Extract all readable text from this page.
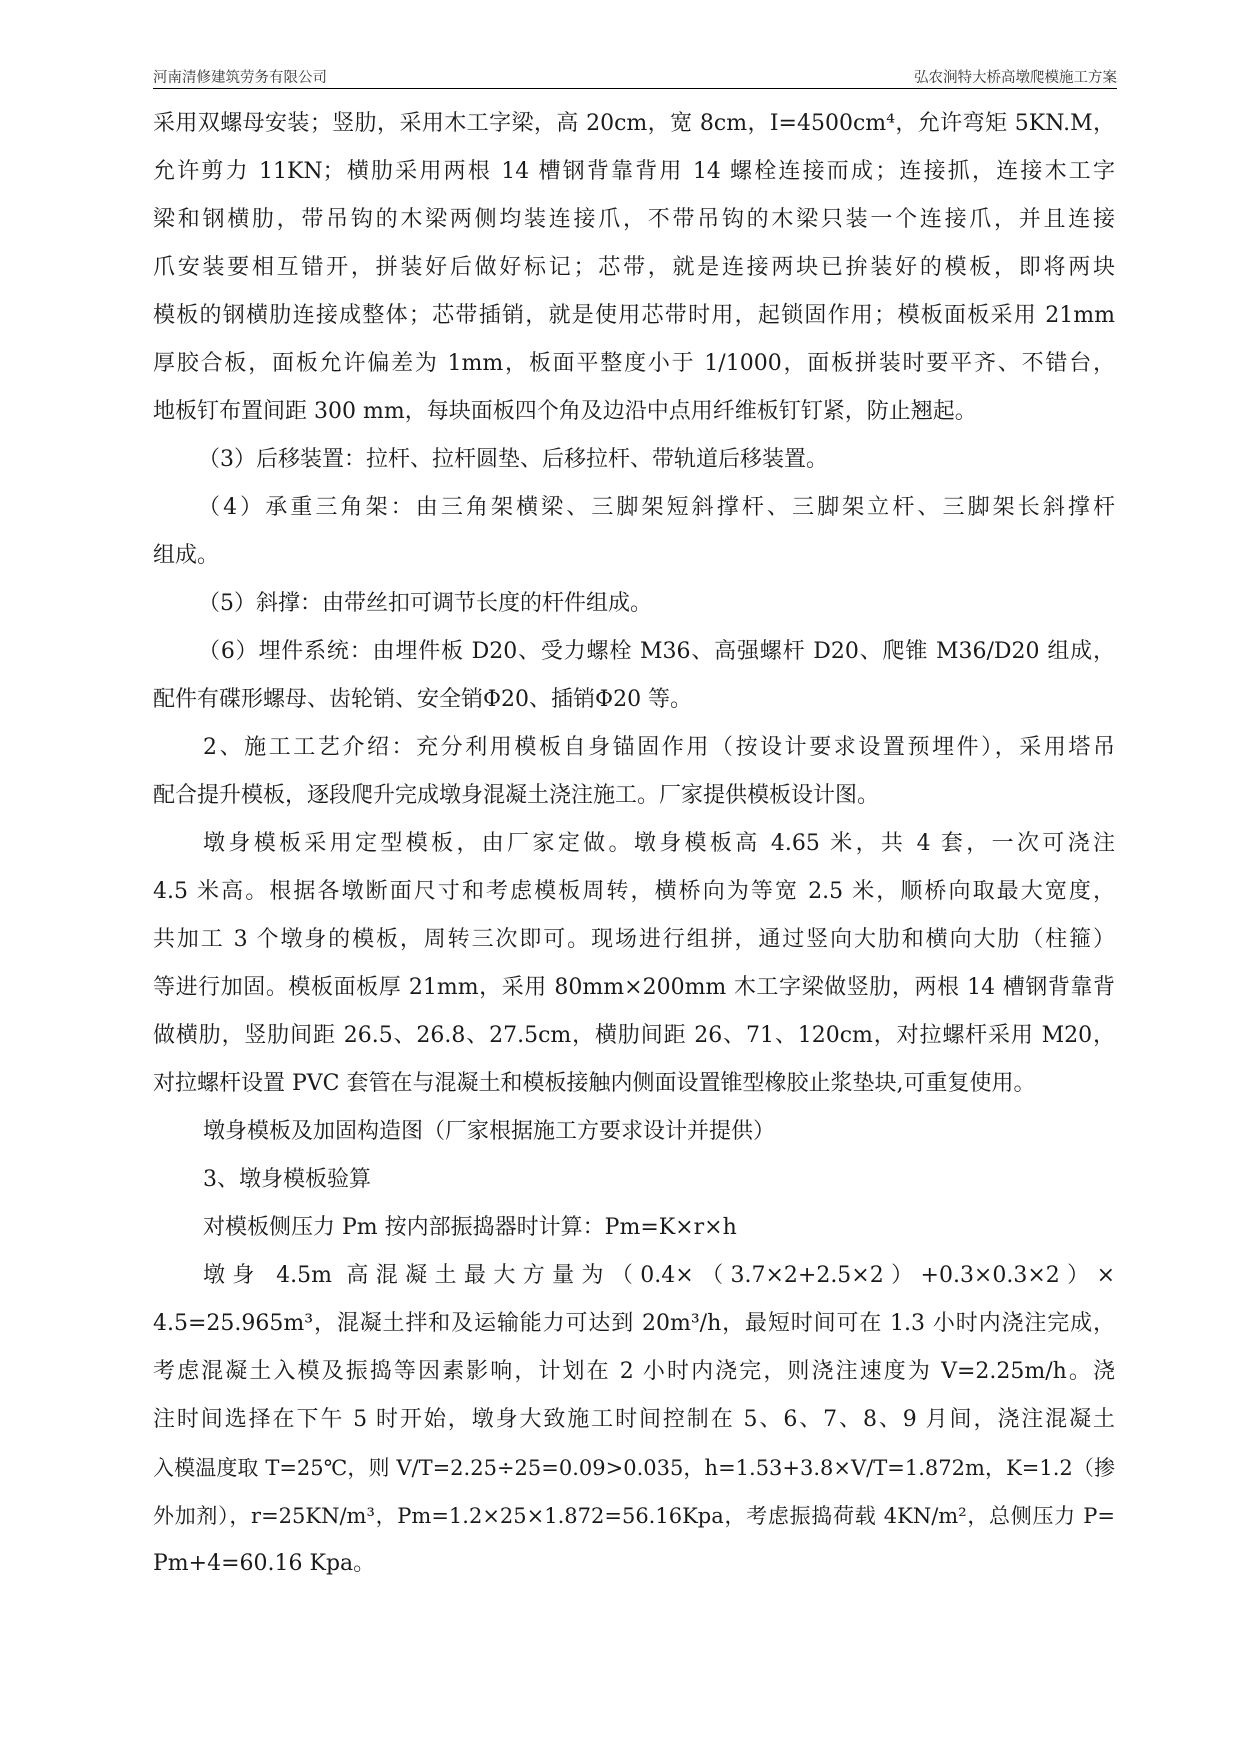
河南清修建筑劳务有限公司	弘农涧特大桥高墩爬模施工方案
采用双螺母安装；竖肋，采用木工字梁，高 20cm，宽 8cm，I=4500cm⁴，允许弯矩 5KN.M，
允许剪力 11KN；横肋采用两根 14 槽钢背靠背用 14 螺栓连接而成；连接抓，连接木工字
梁和钢横肋，带吊钩的木梁两侧均装连接爪，不带吊钩的木梁只装一个连接爪，并且连接
爪安装要相互错开，拼装好后做好标记；芯带，就是连接两块已拚装好的模板，即将两块
模板的钢横肋连接成整体；芯带插销，就是使用芯带时用，起锁固作用；模板面板采用 21mm
厚胶合板，面板允许偏差为 1mm，板面平整度小于 1/1000，面板拼装时要平齐、不错台，
地板钉布置间距 300 mm，每块面板四个角及边沿中点用纤维板钉钉紧，防止翘起。
（3）后移装置：拉杆、拉杆圆垫、后移拉杆、带轨道后移装置。
（4）承重三角架：由三角架横梁、三脚架短斜撑杆、三脚架立杆、三脚架长斜撑杆
组成。
（5）斜撑：由带丝扣可调节长度的杆件组成。
（6）埋件系统：由埋件板 D20、受力螺栓 M36、高强螺杆 D20、爬锥 M36/D20 组成，
配件有碟形螺母、齿轮销、安全销Φ20、插销Φ20 等。
2、施工工艺介绍：充分利用模板自身锚固作用（按设计要求设置预埋件），采用塔吊
配合提升模板，逐段爬升完成墩身混凝土浇注施工。厂家提供模板设计图。
墩身模板采用定型模板，由厂家定做。墩身模板高 4.65 米，共 4 套，一次可浇注
4.5 米高。根据各墩断面尺寸和考虑模板周转，横桥向为等宽 2.5 米，顺桥向取最大宽度，
共加工 3 个墩身的模板，周转三次即可。现场进行组拼，通过竖向大肋和横向大肋（柱箍）
等进行加固。模板面板厚 21mm，采用 80mm×200mm 木工字梁做竖肋，两根 14 槽钢背靠背
做横肋，竖肋间距 26.5、26.8、27.5cm，横肋间距 26、71、120cm，对拉螺杆采用 M20，
对拉螺杆设置 PVC 套管在与混凝土和模板接触内侧面设置锥型橡胶止浆垫块,可重复使用。
墩身模板及加固构造图（厂家根据施工方要求设计并提供）
3、墩身模板验算
对模板侧压力 Pm 按内部振捣器时计算：Pm=K×r×h
墩身 4.5m 高混凝土最大方量为（0.4×（3.7×2+2.5×2）+0.3×0.3×2）×
4.5=25.965m³，混凝土拌和及运输能力可达到 20m³/h，最短时间可在 1.3 小时内浇注完成，
考虑混凝土入模及振捣等因素影响，计划在 2 小时内浇完，则浇注速度为 V=2.25m/h。浇
注时间选择在下午 5 时开始，墩身大致施工时间控制在 5、6、7、8、9 月间，浇注混凝土
入模温度取 T=25℃，则 V/T=2.25÷25=0.09>0.035，h=1.53+3.8×V/T=1.872m，K=1.2（掺
外加剂），r=25KN/m³，Pm=1.2×25×1.872=56.16Kpa，考虑振捣荷载 4KN/m²，总侧压力 P=
Pm+4=60.16 Kpa。
